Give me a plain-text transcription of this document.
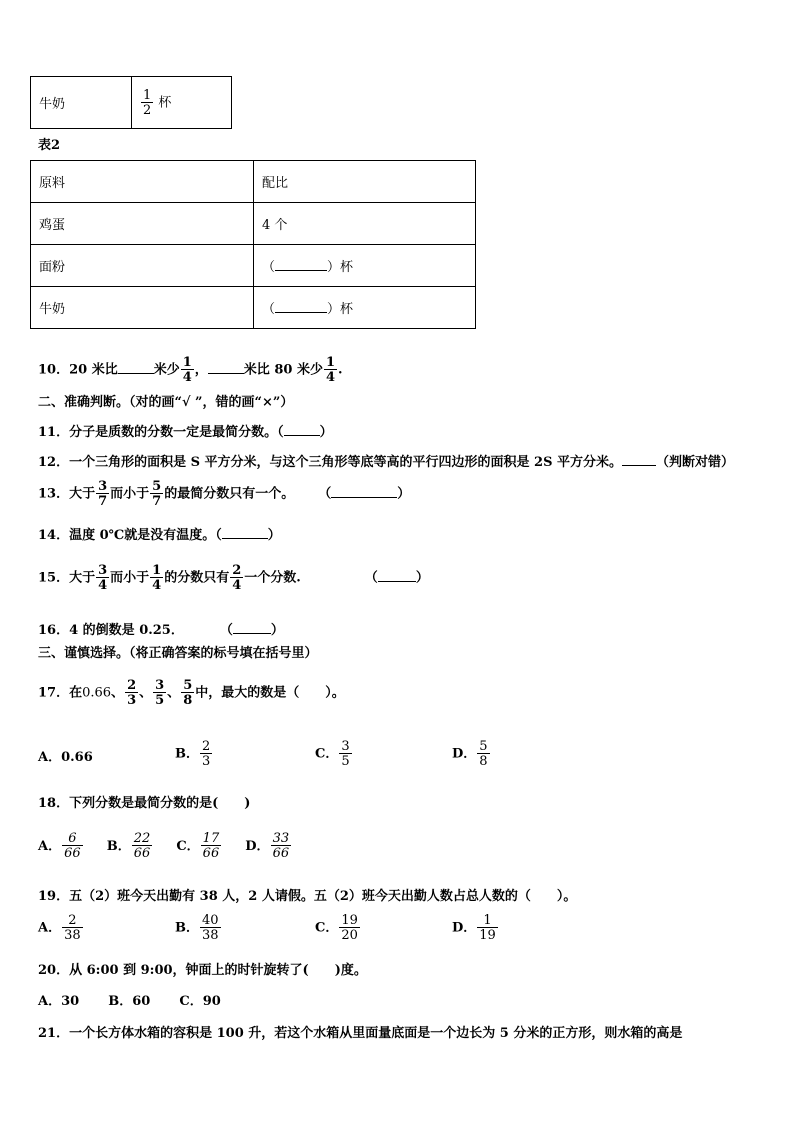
牛奶	$\frac{1}{2}$ 杯
表2
原料	配比
鸡蛋	4 个
面粉	（ ）杯
牛奶	（ ）杯
10．20 米比	米少 $\frac{1}{4}$ ，	米比 80 米少 $\frac{1}{4}$ .
二、准确判断。（对的画“√ ”，错的画“×”）
11．分子是质数的分数一定是最简分数。（	）
12．一个三角形的面积是 S 平方分米，与这个三角形等底等高的平行四边形的面积是 2S 平方分米。	（判断对错）
13．大于 $\frac{3}{7}$ 而小于 $\frac{5}{7}$ 的最简分数只有一个。 （	）
14．温度 0℃就是没有温度。（	）
15．大于 $\frac{3}{4}$ 而小于 $\frac{1}{4}$ 的分数只有 $\frac{2}{4}$ 一个分数.	（	）
16．4 的倒数是 0.25．	（	）
三、谨慎选择。（将正确答案的标号填在括号里）
17．在0.66、 $\frac{2}{3}$ 、 $\frac{3}{5}$ 、 $\frac{5}{8}$ 中，最大的数是（　　）。
A．0.66	B． $\frac{2}{3}$	C． $\frac{3}{5}$	D． $\frac{5}{8}$
18．下列分数是最简分数的是(　　)
A． $\frac{6}{66}$ B． $\frac{22}{66}$ C． $\frac{17}{66}$ D． $\frac{33}{66}$
19．五（2）班今天出勤有 38 人，2 人请假。五（2）班今天出勤人数占总人数的（　　）。
A． $\frac{2}{38}$	B． $\frac{40}{38}$	C． $\frac{19}{20}$	D． $\frac{1}{19}$
20．从 6:00 到 9:00，钟面上的时针旋转了(　　)度。
A．30 B．60 C．90
21．一个长方体水箱的容积是 100 升，若这个水箱从里面量底面是一个边长为 5 分米的正方形，则水箱的高是
